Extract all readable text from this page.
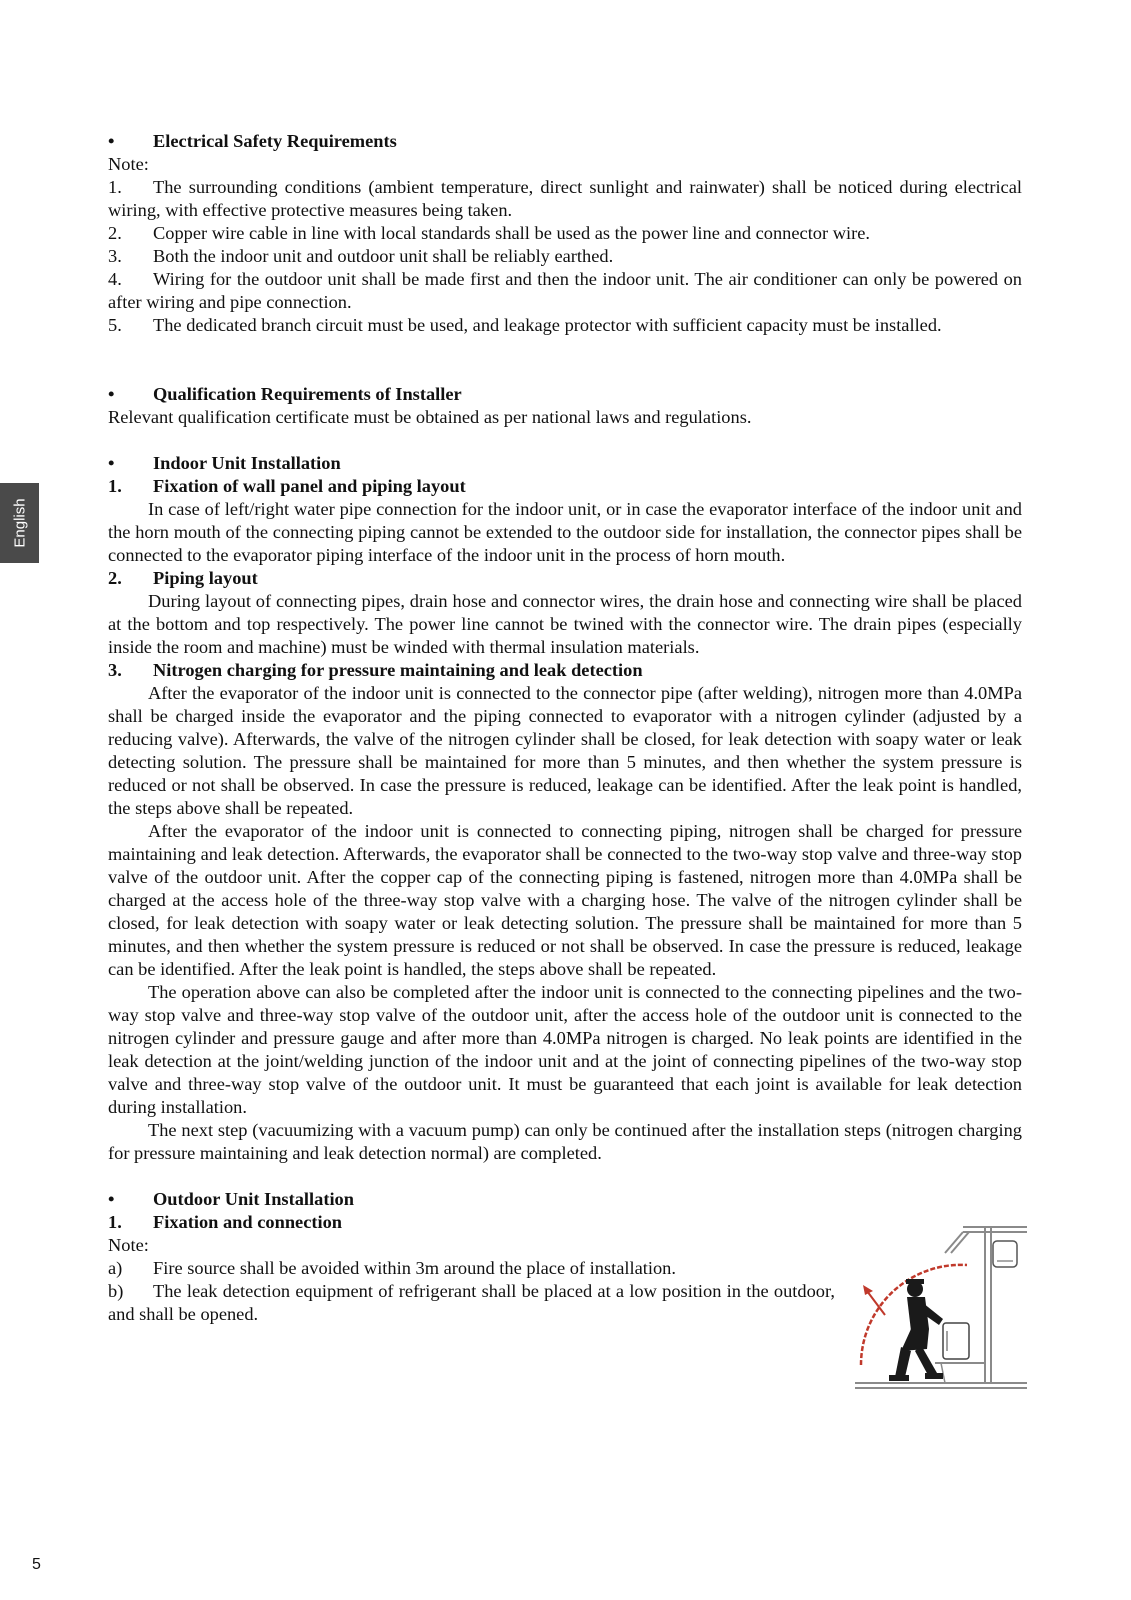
English
•	Electrical Safety Requirements

Note:

1. The surrounding conditions (ambient temperature, direct sunlight and rainwater) shall be noticed during electrical wiring, with effective protective measures being taken.

2. Copper wire cable in line with local standards shall be used as the power line and connector wire.

3. Both the indoor unit and outdoor unit shall be reliably earthed.

4. Wiring for the outdoor unit shall be made first and then the indoor unit. The air conditioner can only be powered on after wiring and pipe connection.

5. The dedicated branch circuit must be used, and leakage protector with sufficient capacity must be installed.

•	Qualification Requirements of Installer

Relevant qualification certificate must be obtained as per national laws and regulations.

•	Indoor Unit Installation
1.	Fixation of wall panel and piping layout

In case of left/right water pipe connection for the indoor unit, or in case the evaporator interface of the indoor unit and the horn mouth of the connecting piping cannot be extended to the outdoor side for installation, the connector pipes shall be connected to the evaporator piping interface of the indoor unit in the process of horn mouth.

2.	Piping layout

During layout of connecting pipes, drain hose and connector wires, the drain hose and connecting wire shall be placed at the bottom and top respectively. The power line cannot be twined with the connector wire. The drain pipes (especially inside the room and machine) must be winded with thermal insulation materials.

3.	Nitrogen charging for pressure maintaining and leak detection

After the evaporator of the indoor unit is connected to the connector pipe (after welding), nitrogen more than 4.0MPa shall be charged inside the evaporator and the piping connected to evaporator with a nitrogen cylinder (adjusted by a reducing valve). Afterwards, the valve of the nitrogen cylinder shall be closed, for leak detection with soapy water or leak detecting solution. The pressure shall be maintained for more than 5 minutes, and then whether the system pressure is reduced or not shall be observed. In case the pressure is reduced, leakage can be identified. After the leak point is handled, the steps above shall be repeated.

After the evaporator of the indoor unit is connected to connecting piping, nitrogen shall be charged for pressure maintaining and leak detection. Afterwards, the evaporator shall be connected to the two-way stop valve and three-way stop valve of the outdoor unit. After the copper cap of the connecting piping is fastened, nitrogen more than 4.0MPa shall be charged at the access hole of the three-way stop valve with a charging hose. The valve of the nitrogen cylinder shall be closed, for leak detection with soapy water or leak detecting solution. The pressure shall be maintained for more than 5 minutes, and then whether the system pressure is reduced or not shall be observed. In case the pressure is reduced, leakage can be identified. After the leak point is handled, the steps above shall be repeated.

The operation above can also be completed after the indoor unit is connected to the connecting pipelines and the two-way stop valve and three-way stop valve of the outdoor unit, after the access hole of the outdoor unit is connected to the nitrogen cylinder and pressure gauge and after more than 4.0MPa nitrogen is charged. No leak points are identified in the leak detection at the joint/welding junction of the indoor unit and at the joint of connecting pipelines of the two-way stop valve and three-way stop valve of the outdoor unit. It must be guaranteed that each joint is available for leak detection during installation.

The next step (vacuumizing with a vacuum pump) can only be continued after the installation steps (nitrogen charging for pressure maintaining and leak detection normal) are completed.

•	Outdoor Unit Installation
1.	Fixation and connection

Note:

a) Fire source shall be avoided within 3m around the place of installation.

b) The leak detection equipment of refrigerant shall be placed at a low position in the outdoor, and shall be opened.

5
